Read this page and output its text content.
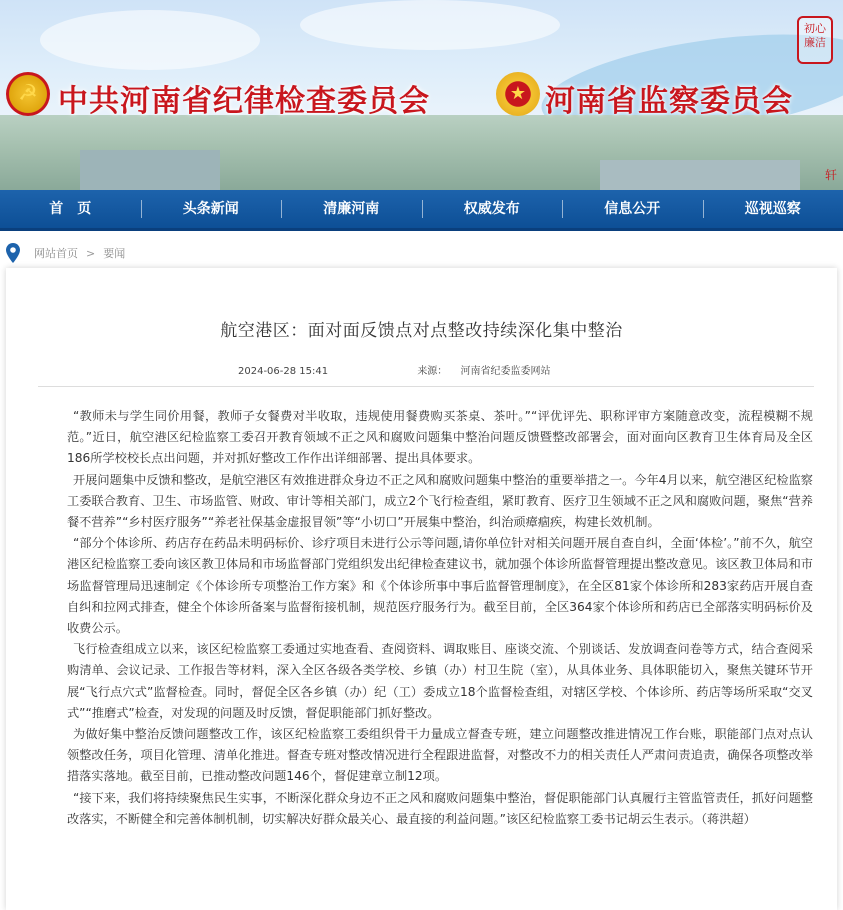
☭ 中共河南省纪律检查委员会	★ 河南省监察委员会
初心廉洁
轩
首　页	头条新闻	清廉河南	权威发布	信息公开	巡视巡察
网站首页 > 要闻
航空港区：面对面反馈点对点整改持续深化集中整治
2024-06-28 15:41	来源： 河南省纪委监委网站

“教师未与学生同价用餐，教师子女餐费对半收取，违规使用餐费购买茶桌、茶叶。”“评优评先、职称评审方案随意改变，流程模糊不规范。”近日，航空港区纪检监察工委召开教育领域不正之风和腐败问题集中整治问题反馈暨整改部署会，面对面向区教育卫生体育局及全区186所学校校长点出问题，并对抓好整改工作作出详细部署、提出具体要求。

开展问题集中反馈和整改，是航空港区有效推进群众身边不正之风和腐败问题集中整治的重要举措之一。今年4月以来，航空港区纪检监察工委联合教育、卫生、市场监管、财政、审计等相关部门，成立2个飞行检查组，紧盯教育、医疗卫生领域不正之风和腐败问题，聚焦“营养餐不营养”“乡村医疗服务”“养老社保基金虚报冒领”等“小切口”开展集中整治，纠治顽瘴痼疾，构建长效机制。

“部分个体诊所、药店存在药品未明码标价、诊疗项目未进行公示等问题,请你单位针对相关问题开展自查自纠，全面‘体检’。”前不久，航空港区纪检监察工委向该区教卫体局和市场监督部门党组织发出纪律检查建议书，就加强个体诊所监督管理提出整改意见。该区教卫体局和市场监督管理局迅速制定《个体诊所专项整治工作方案》和《个体诊所事中事后监督管理制度》，在全区81家个体诊所和283家药店开展自查自纠和拉网式排查，健全个体诊所备案与监督衔接机制，规范医疗服务行为。截至目前，全区364家个体诊所和药店已全部落实明码标价及收费公示。

飞行检查组成立以来，该区纪检监察工委通过实地查看、查阅资料、调取账目、座谈交流、个别谈话、发放调查问卷等方式，结合查阅采购清单、会议记录、工作报告等材料，深入全区各级各类学校、乡镇（办）村卫生院（室），从具体业务、具体职能切入，聚焦关键环节开展“飞行点穴式”监督检查。同时，督促全区各乡镇（办）纪（工）委成立18个监督检查组，对辖区学校、个体诊所、药店等场所采取“交叉式”“推磨式”检查，对发现的问题及时反馈，督促职能部门抓好整改。

为做好集中整治反馈问题整改工作，该区纪检监察工委组织骨干力量成立督查专班，建立问题整改推进情况工作台账，职能部门点对点认领整改任务，项目化管理、清单化推进。督查专班对整改情况进行全程跟进监督，对整改不力的相关责任人严肃问责追责，确保各项整改举措落实落地。截至目前，已推动整改问题146个，督促建章立制12项。

“接下来，我们将持续聚焦民生实事，不断深化群众身边不正之风和腐败问题集中整治，督促职能部门认真履行主管监管责任，抓好问题整改落实，不断健全和完善体制机制，切实解决好群众最关心、最直接的利益问题。”该区纪检监察工委书记胡云生表示。（蒋洪超）
